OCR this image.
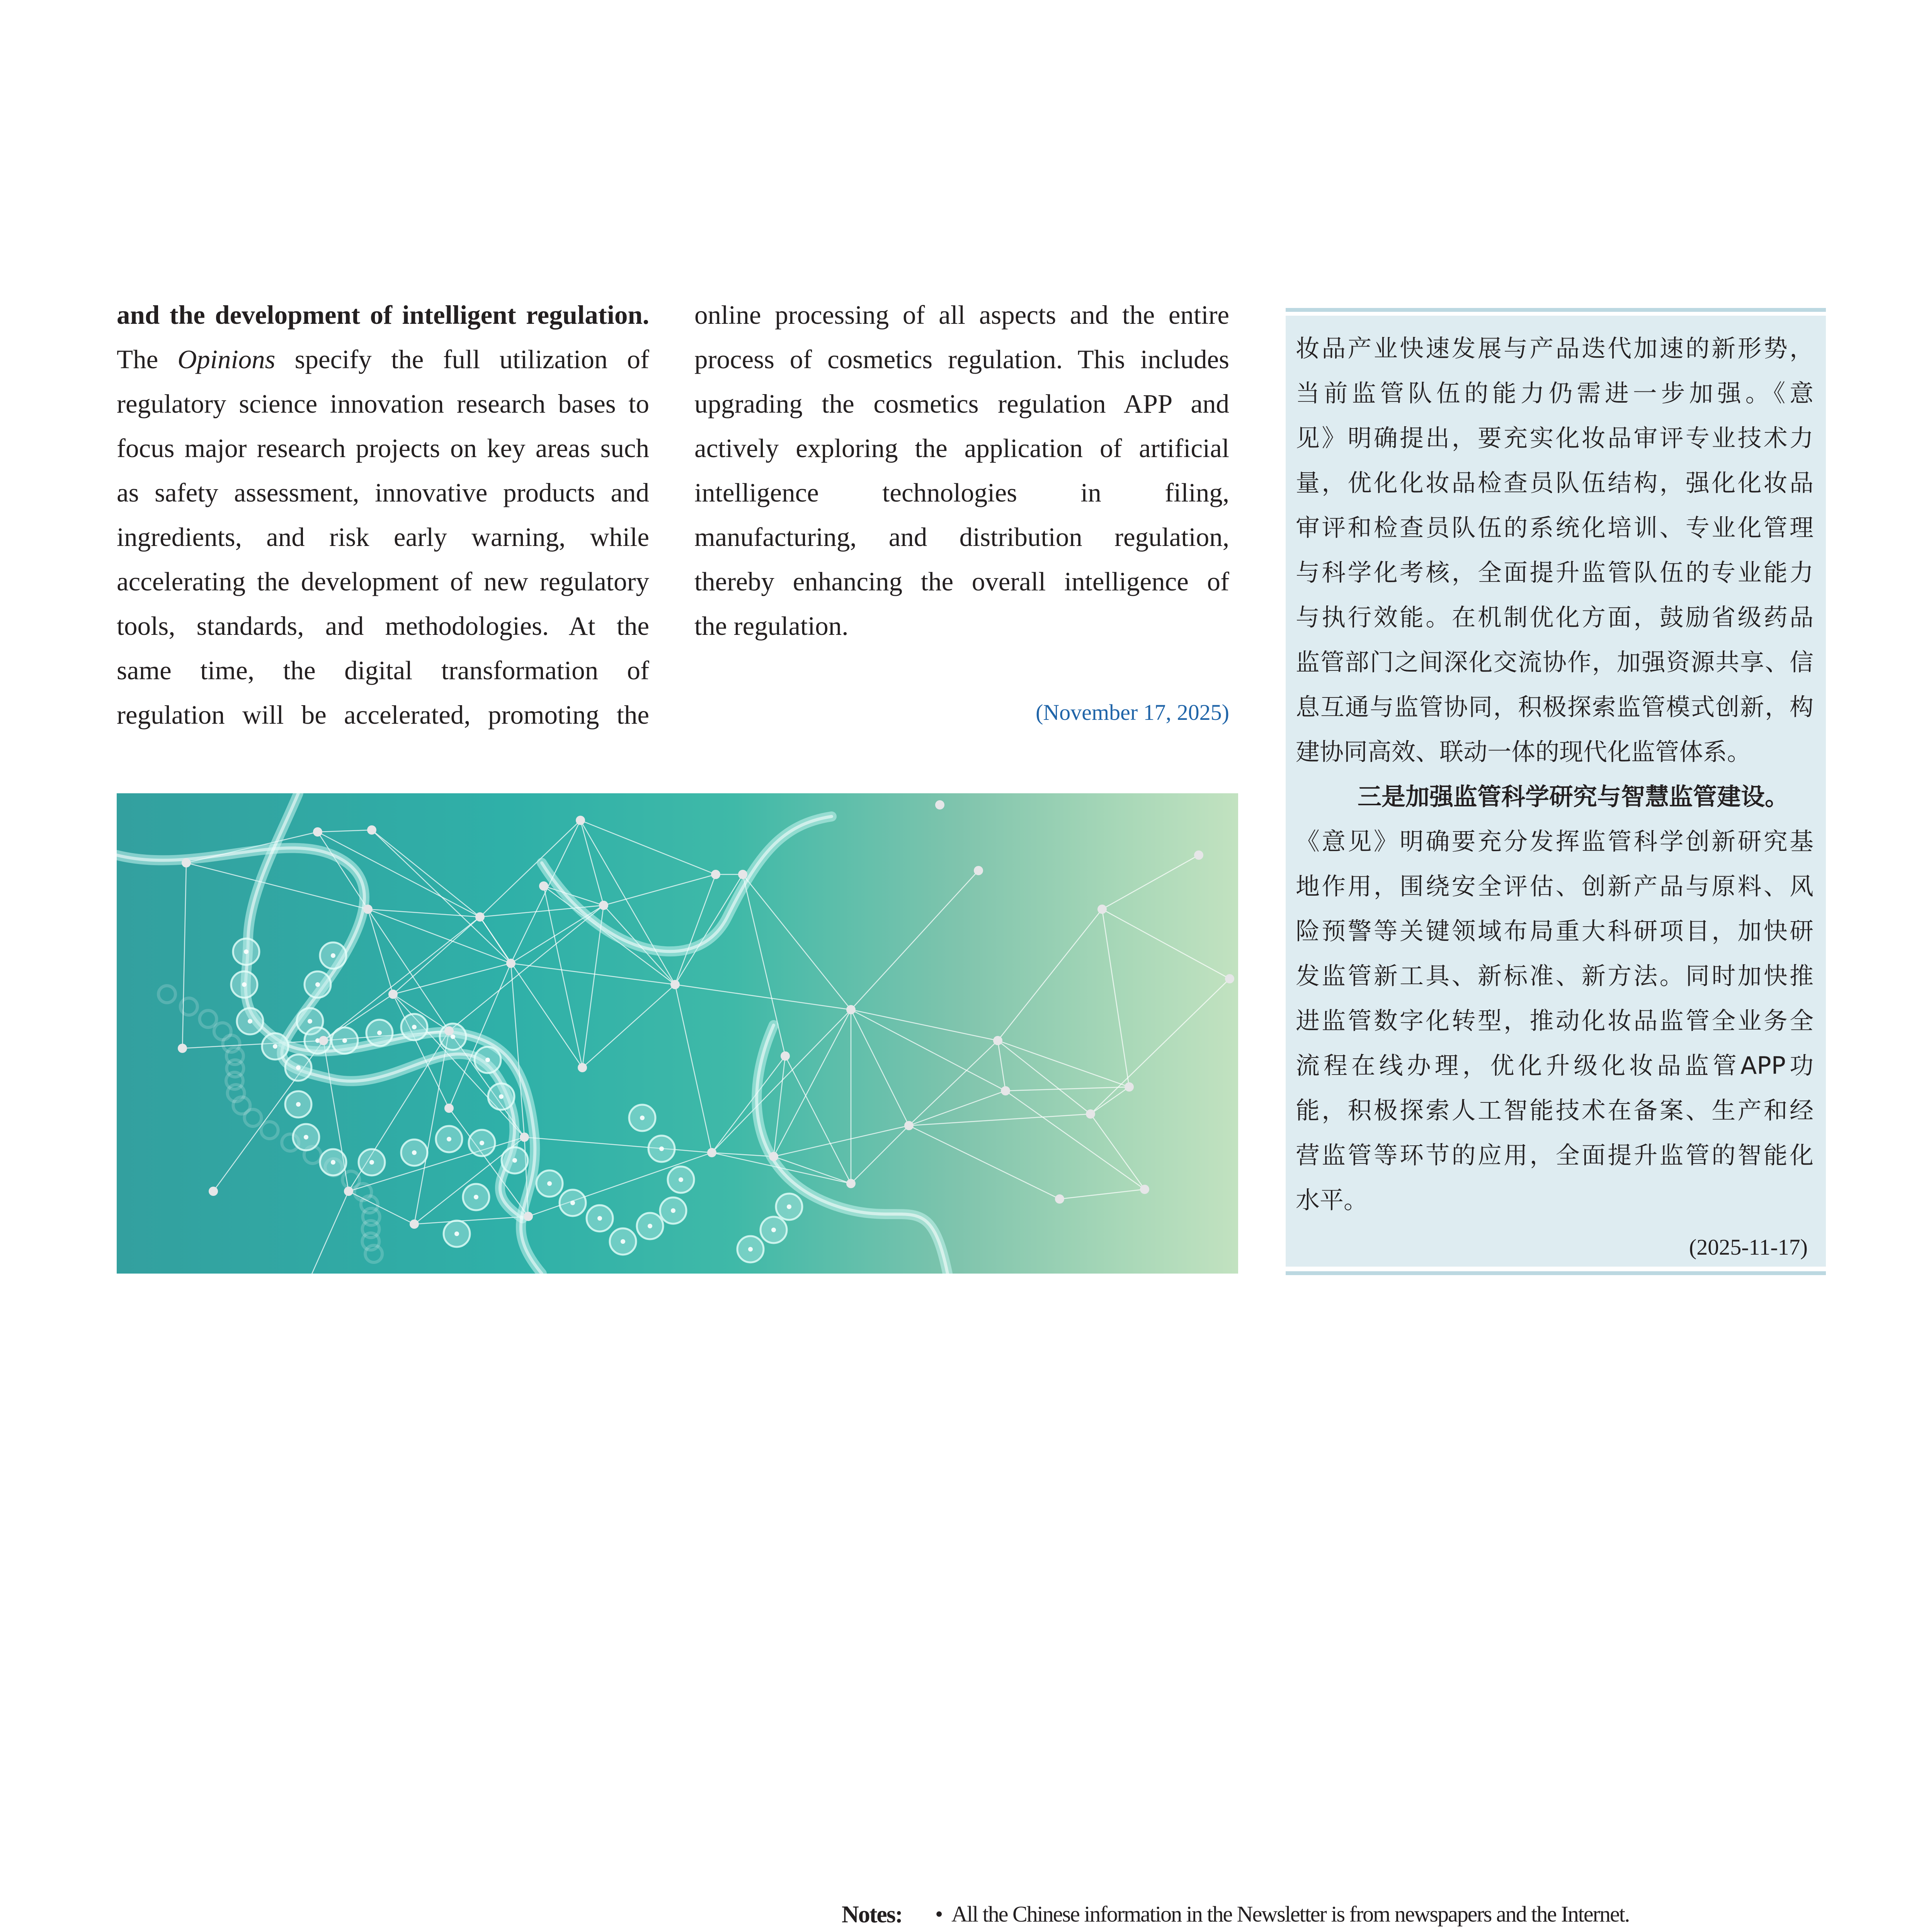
and the development of intelligent regulation.
The Opinions specify the full utilization of
regulatory science innovation research bases to
focus major research projects on key areas such
as safety assessment, innovative products and
ingredients, and risk early warning, while
accelerating the development of new regulatory
tools, standards, and methodologies. At the
same time, the digital transformation of
regulation will be accelerated, promoting the
online processing of all aspects and the entire
process of cosmetics regulation. This includes
upgrading the cosmetics regulation APP and
actively exploring the application of artificial
intelligence technologies in filing,
manufacturing, and distribution regulation,
thereby enhancing the overall intelligence of
the regulation.
(November 17, 2025)
妆品产业快速发展与产品迭代加速的新形势，
当前监管队伍的能力仍需进一步加强。《意
见》明确提出，要充实化妆品审评专业技术力
量，优化化妆品检查员队伍结构，强化化妆品
审评和检查员队伍的系统化培训、专业化管理
与科学化考核，全面提升监管队伍的专业能力
与执行效能。在机制优化方面，鼓励省级药品
监管部门之间深化交流协作，加强资源共享、信
息互通与监管协同，积极探索监管模式创新，构
建协同高效、联动一体的现代化监管体系。
三是加强监管科学研究与智慧监管建设。
《意见》明确要充分发挥监管科学创新研究基
地作用，围绕安全评估、创新产品与原料、风
险预警等关键领域布局重大科研项目，加快研
发监管新工具、新标准、新方法。同时加快推
进监管数字化转型，推动化妆品监管全业务全
流程在线办理，优化升级化妆品监管APP功
能，积极探索人工智能技术在备案、生产和经
营监管等环节的应用，全面提升监管的智能化
水平。
(2025-11-17)
Notes: • All the Chinese information in the Newsletter is from newspapers and the Internet.
